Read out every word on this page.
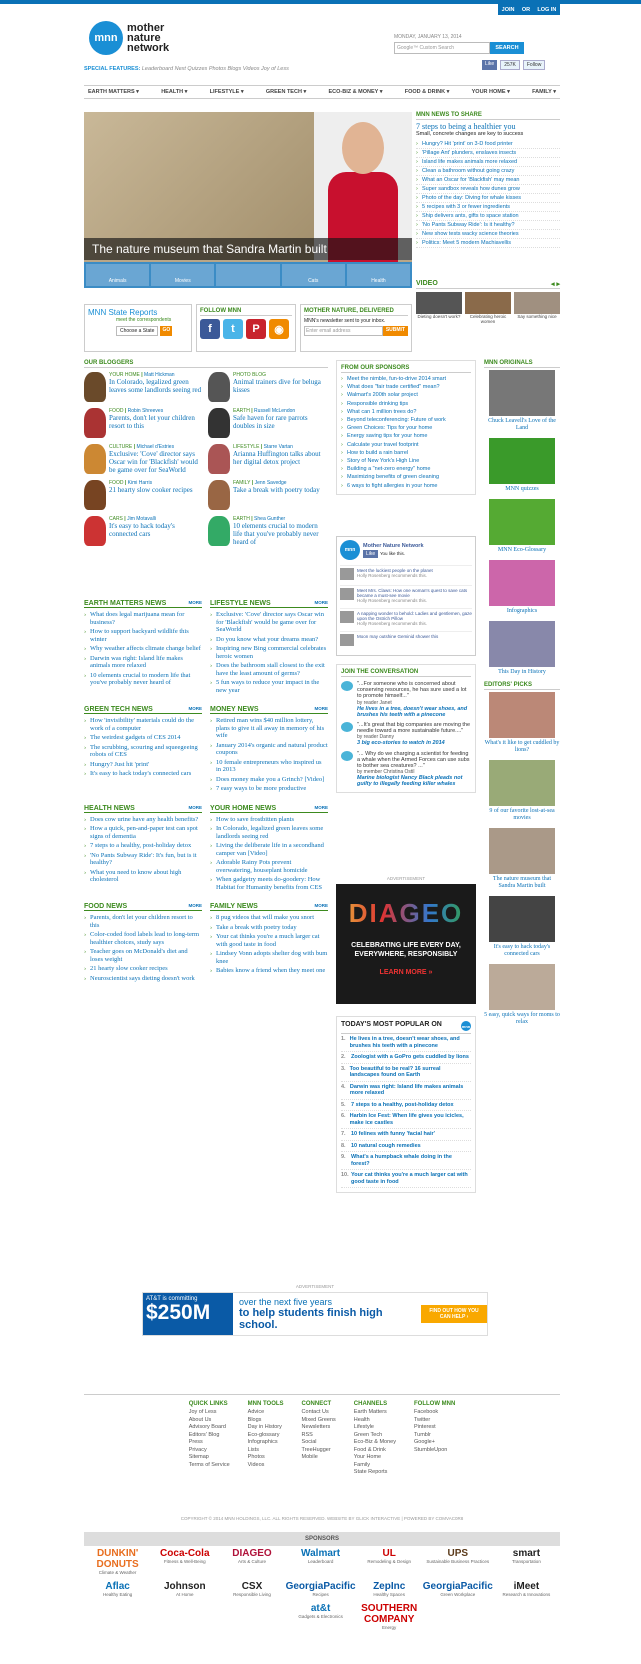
JOIN OR LOG IN
mnn
mother
nature
network
MONDAY, JANUARY 13, 2014
Google™ Custom Search	SEARCH
Like	257K	Follow
SPECIAL FEATURES: Leaderboard Next Quizzes Photos Blogs Videos Joy of Less
EARTH MATTERS ▾	HEALTH ▾	LIFESTYLE ▾	GREEN TECH ▾	ECO-BIZ & MONEY ▾	FOOD & DRINK ▾	YOUR HOME ▾	FAMILY ▾
The nature museum that Sandra Martin built
Animals	Movies	Cats	Health
MNN NEWS TO SHARE
7 steps to being a healthier you
Small, concrete changes are key to success
› Hungry? Hit 'print' on 3-D food printer
› 'Pillage Ant' plunders, enslaves insects
› Island life makes animals more relaxed
› Clean a bathroom without going crazy
› What an Oscar for 'Blackfish' may mean
› Super sandbox reveals how dunes grow
› Photo of the day: Diving for whale kisses
› 5 recipes with 3 or fewer ingredients
› Ship delivers ants, gifts to space station
› 'No Pants Subway Ride': Is it healthy?
› New show tests wacky science theories
› Politics: Meet 5 modern Machiavellis
VIDEO	◂ ▸

Dieting doesn't work?	Celebrating heroic women

Say something nice

MNN State Reports

meet the correspondents

Choose a State	GO
FOLLOW MNN
f	t	P	◉
MOTHER NATURE, DELIVERED

MNN's newsletter sent to your inbox.

Enter email address	SUBMIT
OUR BLOGGERS
YOUR HOME | Matt Hickman
In Colorado, legalized green leaves some landlords seeing red
PHOTO BLOG
Animal trainers dive for beluga kisses
FOOD | Robin Shreeves
Parents, don't let your children resort to this
EARTH | Russell McLendon
Safe haven for rare parrots doubles in size
CULTURE | Michael d'Estries
Exclusive: 'Cove' director says Oscar win for 'Blackfish' would be game over for SeaWorld
LIFESTYLE | Starre Vartan
Arianna Huffington talks about her digital detox project
FOOD | Kimi Harris
21 hearty slow cooker recipes
FAMILY | Jenn Savedge
Take a break with poetry today
CARS | Jim Motavalli
It's easy to hack today's connected cars
EARTH | Shea Gunther
10 elements crucial to modern life that you've probably never heard of
EARTH MATTERS NEWS	MORE
› What does legal marijuana mean for business?
› How to support backyard wildlife this winter
› Why weather affects climate change belief
› Darwin was right: Island life makes animals more relaxed
› 10 elements crucial to modern life that you've probably never heard of
LIFESTYLE NEWS	MORE
› Exclusive: 'Cove' director says Oscar win for 'Blackfish' would be game over for SeaWorld
› Do you know what your dreams mean?
› Inspiring new Bing commercial celebrates heroic women
› Does the bathroom stall closest to the exit have the least amount of germs?
› 5 fun ways to reduce your impact in the new year
GREEN TECH NEWS	MORE
› How 'invisibility' materials could do the work of a computer
› The weirdest gadgets of CES 2014
› The scrubbing, scouring and squeegeeing robots of CES
› Hungry? Just hit 'print'
› It's easy to hack today's connected cars
MONEY NEWS	MORE
› Retired man wins $40 million lottery, plans to give it all away in memory of his wife
› January 2014's organic and natural product coupons
› 10 female entrepreneurs who inspired us in 2013
› Does money make you a Grinch? [Video]
› 7 easy ways to be more productive
HEALTH NEWS	MORE
› Does cow urine have any health benefits?
› How a quick, pen-and-paper test can spot signs of dementia
› 7 steps to a healthy, post-holiday detox
› 'No Pants Subway Ride': It's fun, but is it healthy?
› What you need to know about high cholesterol
YOUR HOME NEWS	MORE
› How to save frostbitten plants
› In Colorado, legalized green leaves some landlords seeing red
› Living the deliberate life in a secondhand camper van [Video]
› Adorable Rainy Pots prevent overwatering, houseplant homicide
› When gadgetry meets do-goodery: How Habitat for Humanity benefits from CES
FOOD NEWS	MORE
› Parents, don't let your children resort to this
› Color-coded food labels lead to long-term healthier choices, study says
› Teacher goes on McDonald's diet and loses weight
› 21 hearty slow cooker recipes
› Neuroscientist says dieting doesn't work
FAMILY NEWS	MORE
› 8 pug videos that will make you snort
› Take a break with poetry today
› Your cat thinks you're a much larger cat with good taste in food
› Lindsey Vonn adopts shelter dog with bum knee
› Babies know a friend when they meet one
FROM OUR SPONSORS
› Meet the nimble, fun-to-drive 2014 smart
› What does "fair trade certified" mean?
› Walmart's 200th solar project
› Responsible drinking tips
› What can 1 million trees do?
› Beyond teleconferencing: Future of work
› Green Choices: Tips for your home
› Energy saving tips for your home
› Calculate your travel footprint
› How to build a rain barrel
› Story of New York's High Line
› Building a "net-zero energy" home
› Maximizing benefits of green cleaning
› 6 ways to fight allergies in your home
mnn

Mother Nature Network

Like You like this.

Meet the luckiest people on the planet

Holly Rosenberg recommends this.

Meet Mrs. Claws: How one woman's quest to save cats became a must-see movie

Holly Rosenberg recommends this.

A napping wonder to behold: Ladies and gentlemen, gaze upon the Ostrich Pillow

Holly Rosenberg recommends this.

Moon may outshine Geminid shower this

JOIN THE CONVERSATION
"...For someone who is concerned about conserving resources, he has sure used a lot to promote himself..."
by reader Janet
He lives in a tree, doesn't wear shoes, and brushes his teeth with a pinecone
"...It's great that big companies are moving the needle toward a more sustainable future...."
by reader Danny
3 big eco-stories to watch in 2014
"... Why do we charging a scientist for feeding a whale when the Armed Forces can use subs to bother sea creatures? ..."
by member Christina Ostil
Marine biologist Nancy Black pleads not guilty to illegally feeding killer whales
ADVERTISEMENT
DIAGEO
CELEBRATING LIFE EVERY DAY, EVERYWHERE, RESPONSIBLY
LEARN MORE »
TODAY'S MOST POPULAR ON	mnn
1. He lives in a tree, doesn't wear shoes, and brushes his teeth with a pinecone
2. Zoologist with a GoPro gets cuddled by lions
3. Too beautiful to be real? 16 surreal landscapes found on Earth
4. Darwin was right: Island life makes animals more relaxed
5. 7 steps to a healthy, post-holiday detox
6. Harbin Ice Fest: When life gives you icicles, make ice castles
7. 10 felines with funny 'facial hair'
8. 10 natural cough remedies
9. What's a humpback whale doing in the forest?
10. Your cat thinks you're a much larger cat with good taste in food
MNN ORIGINALS

Chuck Leavell's Love of the Land

MNN quizzes

MNN Eco-Glossary

Infographics

This Day in History

EDITORS' PICKS

What's it like to get cuddled by lions?

9 of our favorite lost-at-sea movies

The nature museum that Sandra Martin built

It's easy to hack today's connected cars

5 easy, quick ways for moms to relax

ADVERTISEMENT

AT&T is committing

$250M	over the next five years

to help students finish high school.
FIND OUT HOW YOU CAN HELP ›
QUICK LINKS

Joy of Less

About Us

Advisory Board

Editors' Blog

Press

Privacy

Sitemap

Terms of Service

MNN TOOLS

Advice

Blogs

Day in History

Eco-glossary

Infographics

Lists

Photos

Videos

CONNECT

Contact Us

Mixed Greens

Newsletters

RSS

Social

TreeHugger

Mobile

CHANNELS

Earth Matters

Health

Lifestyle

Green Tech

Eco-Biz & Money

Food & Drink

Your Home

Family

State Reports

FOLLOW MNN

Facebook

Twitter

Pinterest

Tumblr

Google+

StumbleUpon

COPYRIGHT © 2014 MNN HOLDINGS, LLC. ALL RIGHTS RESERVED. WEBSITE BY GLICK INTERACTIVE | POWERED BY COMVAC0R8
SPONSORS
DUNKIN' DONUTS
Climate & Weather
Coca-Cola
Fitness & Well-Being
DIAGEO
Arts & Culture
Walmart
Leaderboard
UL
Remodeling & Design
UPS
Sustainable Business Practices
smart
Transportation
Aflac
Healthy Eating
Johnson
At Home
CSX
Responsible Living
GeorgiaPacific
Recipes
ZepInc
Healthy Spaces
GeorgiaPacific
Green Workplace
iMeet
Research & Innovations
at&t
Gadgets & Electronics
SOUTHERN COMPANY
Energy
